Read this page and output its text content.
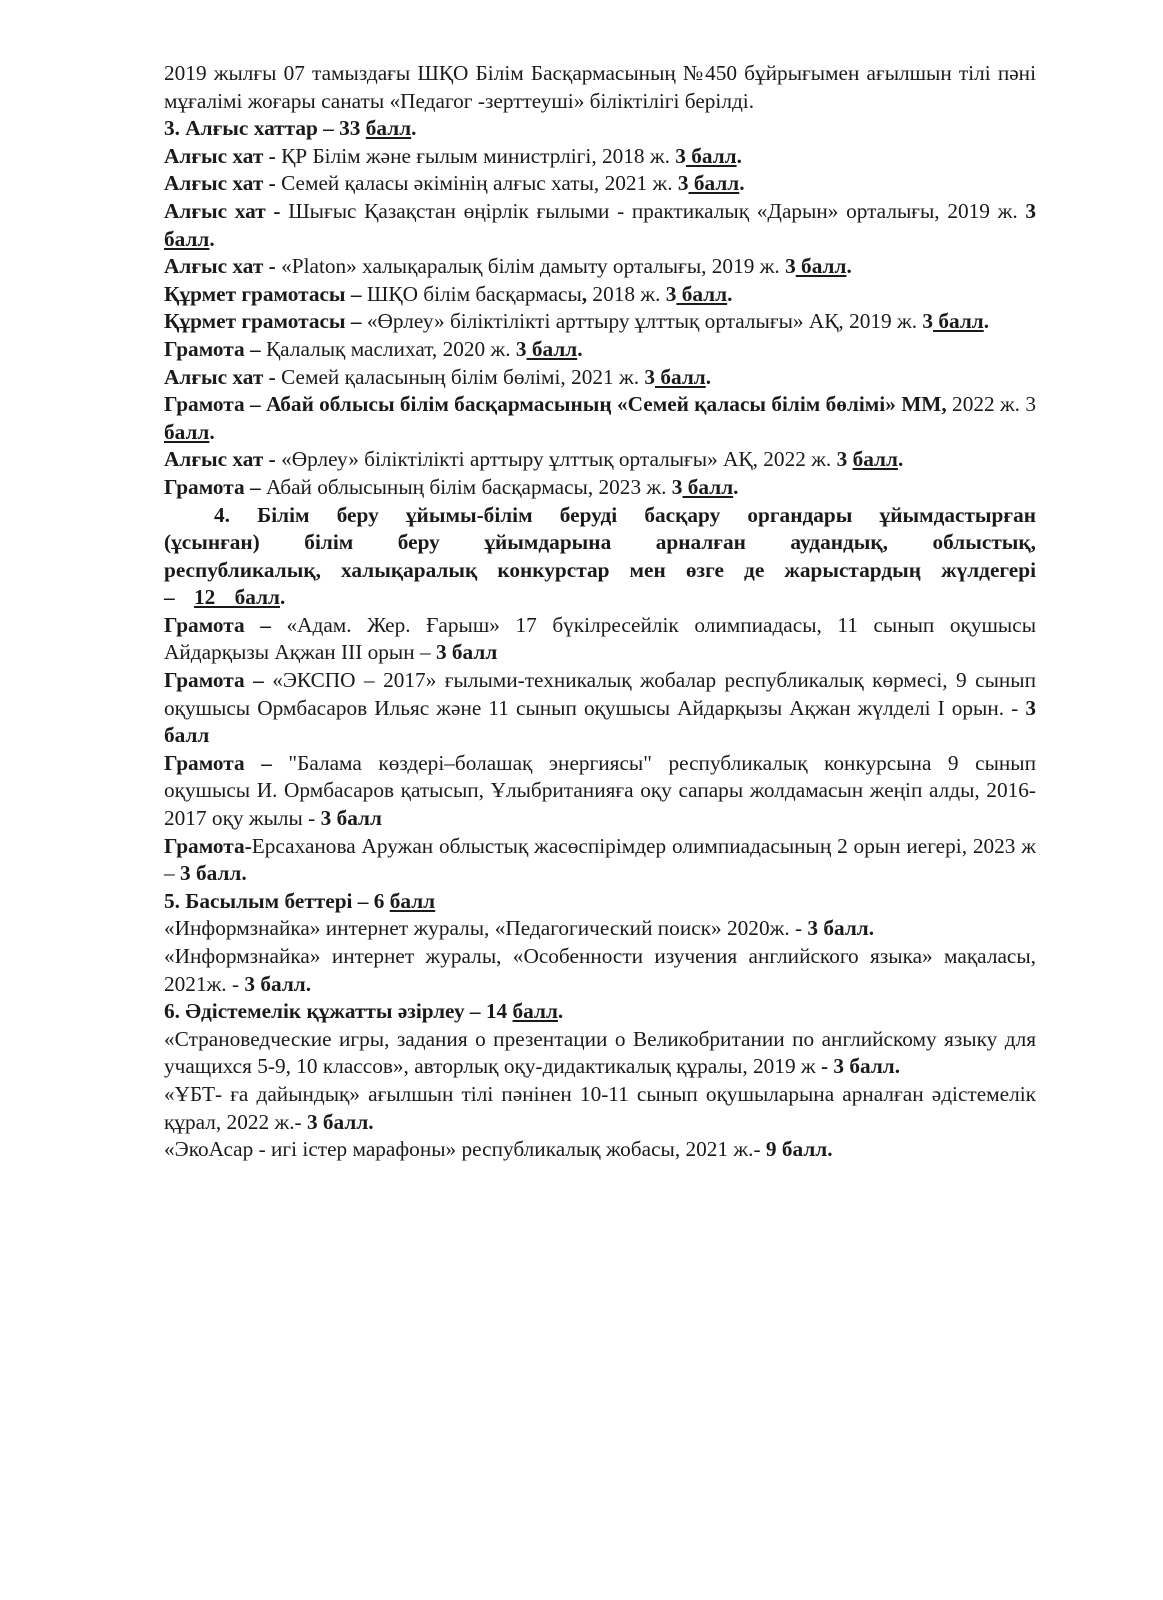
2019 жылғы 07 тамыздағы ШҚО Білім Басқармасының №450 бұйрығымен ағылшын тілі пәні мұғалімі жоғары санаты «Педагог -зерттеуші» біліктілігі берілді.

3. Алғыс хаттар – 33 балл.

Алғыс хат - ҚР Білім және ғылым министрлігі, 2018 ж. 3 балл.

Алғыс хат - Семей қаласы әкімінің алғыс хаты, 2021 ж. 3 балл.

Алғыс хат - Шығыс Қазақстан өңірлік ғылыми - практикалық «Дарын» орталығы, 2019 ж. 3 балл.

Алғыс хат - «Platon» халықаралық білім дамыту орталығы, 2019 ж. 3 балл.

Құрмет грамотасы – ШҚО білім басқармасы, 2018 ж. 3 балл.

Құрмет грамотасы – «Өрлеу» біліктілікті арттыру ұлттық орталығы» АҚ, 2019 ж. 3 балл.

Грамота – Қалалық маслихат, 2020 ж. 3 балл.

Алғыс хат - Семей қаласының білім бөлімі, 2021 ж. 3 балл.

Грамота – Абай облысы білім басқармасының «Семей қаласы білім бөлімі» ММ, 2022 ж. 3 балл.

Алғыс хат - «Өрлеу» біліктілікті арттыру ұлттық орталығы» АҚ, 2022 ж. 3 балл.

Грамота – Абай облысының білім басқармасы, 2023 ж. 3 балл.

4. Білім беру ұйымы-білім беруді басқару органдары ұйымдастырған (ұсынған) білім беру ұйымдарына арналған аудандық, облыстық, республикалық, халықаралық конкурстар мен өзге де жарыстардың жүлдегері – 12 балл.

Грамота – «Адам. Жер. Ғарыш» 17 бүкілресейлік олимпиадасы, 11 сынып оқушысы Айдарқызы Ақжан ІІІ орын – 3 балл

Грамота – «ЭКСПО – 2017» ғылыми-техникалық жобалар республикалық көрмесі, 9 сынып оқушысы Ормбасаров Ильяс және 11 сынып оқушысы Айдарқызы Ақжан жүлделі І орын. - 3 балл

Грамота – "Балама көздері–болашақ энергиясы" республикалық конкурсына 9 сынып оқушысы И. Ормбасаров қатысып, Ұлыбританияға оқу сапары жолдамасын жеңіп алды, 2016-2017 оқу жылы - 3 балл

Грамота-Ерсаханова Аружан облыстық жасөспірімдер олимпиадасының 2 орын иегері, 2023 ж – 3 балл.

5. Басылым беттері – 6 балл

«Информзнайка» интернет журалы, «Педагогический поиск» 2020ж. - 3 балл.

«Информзнайка» интернет журалы, «Особенности изучения английского языка» мақаласы, 2021ж. - 3 балл.

6. Әдістемелік құжатты әзірлеу – 14 балл.

«Страноведческие игры, задания о презентации о Великобритании по английскому языку для учащихся 5-9, 10 классов», авторлық оқу-дидактикалық құралы, 2019 ж - 3 балл.

«ҰБТ- ға дайындық» ағылшын тілі пәнінен 10-11 сынып оқушыларына арналған әдістемелік құрал, 2022 ж.- 3 балл.

«ЭкоАсар - игі істер марафоны» республикалық жобасы, 2021 ж.- 9 балл.
